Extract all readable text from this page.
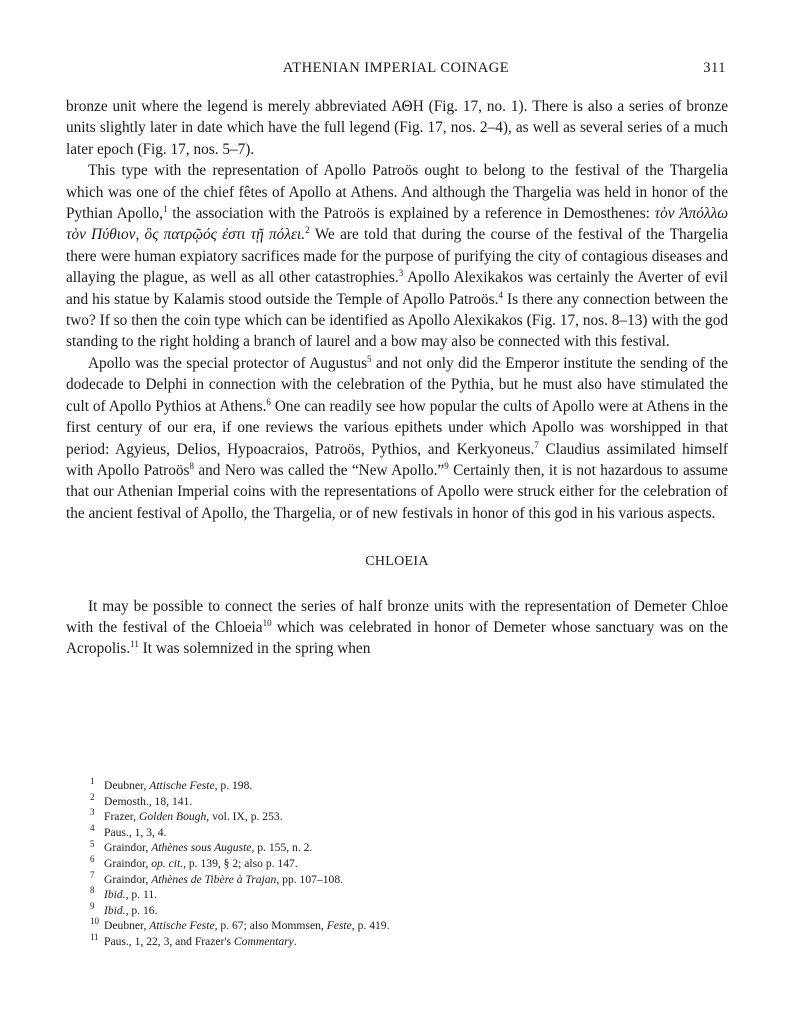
ATHENIAN IMPERIAL COINAGE	311

bronze unit where the legend is merely abbreviated ΑΘΗ (Fig. 17, no. 1). There is also a series of bronze units slightly later in date which have the full legend (Fig. 17, nos. 2–4), as well as several series of a much later epoch (Fig. 17, nos. 5–7).

This type with the representation of Apollo Patroös ought to belong to the festival of the Thargelia which was one of the chief fêtes of Apollo at Athens. And although the Thargelia was held in honor of the Pythian Apollo,$^1$ the association with the Patroös is explained by a reference in Demosthenes: τὸν Ἀπόλλω τὸν Πύθιον, ὃς πατρῷός ἐστι τῇ πόλει.$^2$ We are told that during the course of the festival of the Thargelia there were human expiatory sacrifices made for the purpose of purifying the city of contagious diseases and allaying the plague, as well as all other catastrophies.$^3$ Apollo Alexikakos was certainly the Averter of evil and his statue by Kalamis stood outside the Temple of Apollo Patroös.$^4$ Is there any connection between the two? If so then the coin type which can be identified as Apollo Alexikakos (Fig. 17, nos. 8–13) with the god standing to the right holding a branch of laurel and a bow may also be connected with this festival.

Apollo was the special protector of Augustus$^5$ and not only did the Emperor institute the sending of the dodecade to Delphi in connection with the celebration of the Pythia, but he must also have stimulated the cult of Apollo Pythios at Athens.$^6$ One can readily see how popular the cults of Apollo were at Athens in the first century of our era, if one reviews the various epithets under which Apollo was worshipped in that period: Agyieus, Delios, Hypoacraios, Patroös, Pythios, and Kerkyoneus.$^7$ Claudius assimilated himself with Apollo Patroös$^8$ and Nero was called the “New Apollo.”$^9$ Certainly then, it is not hazardous to assume that our Athenian Imperial coins with the representations of Apollo were struck either for the celebration of the ancient festival of Apollo, the Thargelia, or of new festivals in honor of this god in his various aspects.

CHLOEIA

It may be possible to connect the series of half bronze units with the representation of Demeter Chloe with the festival of the Chloeia$^{10}$ which was celebrated in honor of Demeter whose sanctuary was on the Acropolis.$^{11}$ It was solemnized in the spring when

1 Deubner, Attische Feste, p. 198.
2 Demosth., 18, 141.
3 Frazer, Golden Bough, vol. IX, p. 253.
4 Paus., 1, 3, 4.
5 Graindor, Athènes sous Auguste, p. 155, n. 2.
6 Graindor, op. cit., p. 139, § 2; also p. 147.
7 Graindor, Athènes de Tibère à Trajan, pp. 107–108.
8 Ibid., p. 11.
9 Ibid., p. 16.
10 Deubner, Attische Feste, p. 67; also Mommsen, Feste, p. 419.
11 Paus., 1, 22, 3, and Frazer's Commentary.
